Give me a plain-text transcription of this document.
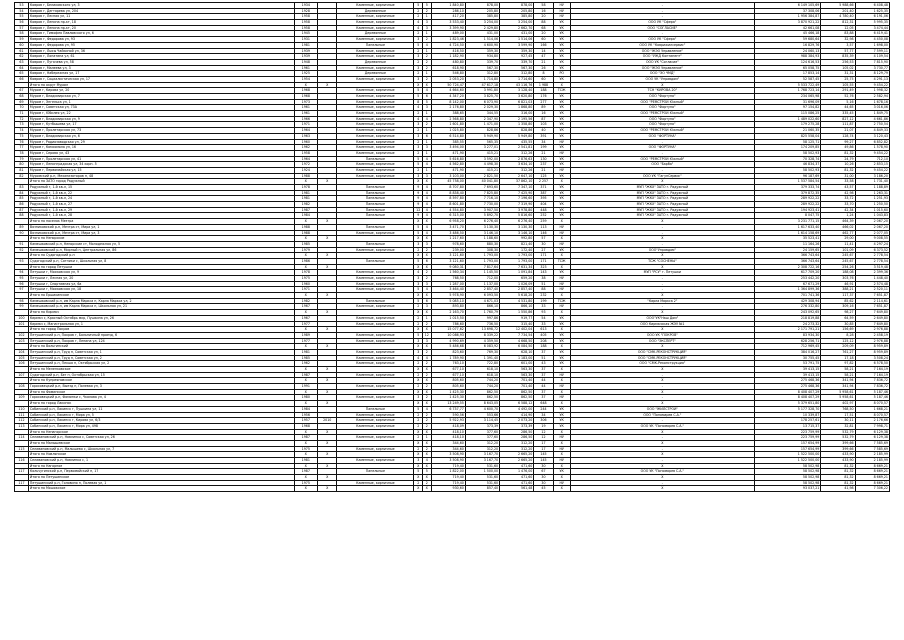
53	Ковров г, Беликовского ул, 3	1934		Каменные, кирпичные	5	5	1 840,80	878,00	878,00	58	НУ	-	6 149 105,69	5 988,66	6 408,48
54	Ковров г, Дегтярева ул, 204	1928		Деревянные	2	2	286,10	205,80	205,80	16	НУ	-	37 308,06	201,40	1 625,35
55	Ковров г, Лесная ул, 11	1958		Каменные, кирпичные	2	1	417,20	385,80	385,80	20	НУ	-	1 956 384,87	4 780,40	6 191,06
56	Ковров г, Ленина пр-кт, 18	1958		Каменные, кирпичные	4	3	3 533,40	3 254,00	3 254,00	88	УК	ООО УК "Сфера"	3 870 921,22	812,31	5 995,35
57	Ковров г, Ленина пр-кт, 20	1958		Каменные, кирпичные	4	3	3 399,90	2 429,80	2 662,70	68	УК	ООО "СОГЛАСИЕ"	42 661,08	12,05	3 474,44
58	Ковров г, Тимофея Павловского ул, 6	1945		Деревянные	2	1	489,00	431,00	431,00	20	УК	-	45 466,18	83,88	6 419,41
59	Ковров г, Федорова ул, 93	1931		Каменные, кирпичные	3	2	1 823,46	1 514,06	1 514,06	60	УК	ООО УК "Сфера"	59 680,64	32,98	4 450,08
60	Ковров г, Федорова ул, 95	1981		Панельные	5	4	4 724,50	4 600,90	3 599,90	166	УК	ООО УК "Коврижилсервис"	16 829,76	3,57	1 698,00
61	Ковров г, Лысы Чайкиной ул, 36	1939		Каменные, кирпичные	2	1	416,50	359,30	359,30	14	УК	ООО "ЖЭО Управление"	24 060,13	57,77	7 599,11
62	Ковров г, Лопатина ул, 61	1939		Каменные, кирпичные	3	2	1 182,90	934,80	927,45	47	УК	ООО "УЖД Континент"	988 384,93	835,39	4 109,54
63	Ковров г, Пугачева ул, 58	1948		Деревянные	2	2	480,80	339,70	339,70	21	УК	ООО УК "Согласие"	124 616,53	256,53	7 815,90
64	Ковров г, Малеева ул, 3	1961		Каменные, кирпичные	3	2	618,90	567,30	567,30	26	УК	ООО "ЖЭО Управление"	65 058,75	105,02	3 730,77
65	Ковров г, Набережная ул, 17	1925		Деревянные	2	1	546,80	312,80	312,80	8	РО	ООО "ЭО ЧМД"	17 853,14	31,31	8 129,79
66	Ковров г, Социалистическая ул, 17	1954		Каменные, кирпичные	3	2	2 053,20	1 714,80	1 714,60	60	УК	ООО УК "Управдом"	52 587,45	25,75	4 291,13
	Итого по округ Муром	X	X		X	X	50 724,47	47 617,18	43 116,76	1 988	X	X	5 533 722,49	105,55	9 454,22
67	Муром г, Кирова ул, 20	1968		Каменные, кирпичные	5	4	4 664,60	3 991,80	3 128,40	188	ТСЖ	ТСН "КИРОВА 20"	1 768 723,14	291,49	1 998,32
68	Муром г, Владимирская ул, 7	1968		Каменные, кирпичные	5	6	4 347,20	3 825,70	3 620,80	176	УК	ООО "Фортуна"	234 065,98	52,76	2 582,94
69	Муром г, Энгельса ул, 1	1973		Каменные, кирпичные	8	5	8 142,00	6 073,90	6 821,03	277	УК	ООО "РЕМСТРОЙ Южный"	31 696,09	5,16	1 678,16
70	Муром г, Советская ул, 73А	1961		Каменные, кирпичные	4	3	2 176,80	2 029,30	1 868,80	89	УК	ООО "Фортуна"	97 154,82	44,65	3 016,06
71	Муром г, Юбилея ул, 22	1961		Каменные, кирпичные	2	1	388,65	344,55	316,00	16	УК	ООО "РЕМСТРОЙ Южный"	115 086,25	335,45	1 849,75
72	Муром г, Владимирская ул, 9	1966		Каменные, кирпичные	4	4	2 568,80	2 347,90	2 195,56	87	УК	ООО "Фортуна"	1 489 022,60	827,12	4 661,86
73	Муром г, Кутбышева ул, 17	1971		Каменные, кирпичные	3	2	1 601,80	1 471,00	1 358,80	103	УК	ООО "Фортуна"	179 275,28	111,87	2 750,54
74	Муром г, Пролетарская ул, 73	1964		Каменные, кирпичные	2	1	1 025,80	828,86	828,86	40	УК	ООО "РЕМСТРОЙ Южный"	21 060,35	21,07	4 849,33
75	Муром г, Владимирская ул, 6	1963		Каменные, кирпичные	3	6	6 514,80	5 949,90	5 949,80	391	УК	ООО "ФОРТУНА"	825 558,04	128,74	3 120,43
76	Муром г, Радиозаводская ул, 29	1960		Каменные, кирпичные	2	1	385,55	565,35	435,55	34	НУ	-	58 125,71	99,27	6 852,82
77	Муром г, Комсомола ул, 16	1962		Каменные, кирпичные	3	3	3 494,00	3 277,01	2 541,81	199	УК	ООО "ФОРТУНА"	174 209,85	49,86	1 578,90
78	Муром г, Серова ул, 43	1958		Каменные, кирпичные	2	1	471,90	415,21	312,26	21	НУ	-	58 502,93	81,32	9 454,22
79	Муром г, Пролетарская ул, 41	1964		Панельные	5	4	5 616,80	3 592,00	2 876,63	130	УК	ООО "РЕМСТРОЙ Южный"	70 328,74	24,79	712,10
80	Муром г, Ленинградская ул, 34 корп. 5	1972		Каменные, кирпичные	5	4	4 562,80	4 498,30	3 634,10	237	УК	ООО "Барба"	46 834,37	10,26	2 853,15
81	Муром г, Первомайская ул, 15	1924		Каменные, кирпичные	2	1	471,90	415,21	312,26	21	НУ	-	58 502,93	81,32	9 454,22
82	Муромский р-н, Механизаторов п, 48	1988		Каменные, кирпичные	3	3	3 103,00	2 821,50	2 647,10	125	УК	ООО УК "ГагунСервис"	96 187,69	31,00	3 186,20
	Итого по ЗАТО город Радужный	X	X		X	X	45 758,00	40 041,80	37 862,10	2 257	X	X	1 537 584,54	33,58	1 731,40
83	Радужный г, 1-й кв-л, 15	1978		Панельные	9	4	8 707,80	7 693,60	7 347,10	371	УК	МУП "ЖКХ" ЗАТО г. Радужный	379 333,74	43,57	1 188,89
84	Радужный г, 1-й кв-л, 22	1981		Панельные	9	4	8 838,40	7 825,80	7 425,90	387	УК	МУП "ЖКХ" ЗАТО г. Радужный	379 872,35	42,98	1 263,31
85	Радужный г, 1-й кв-л, 24	1981		Панельные	9	4	8 597,80	7 716,10	7 196,60	395	УК	МУП "ЖКХ" ЗАТО г. Радужный	289 922,22	33,72	1 251,93
86	Радужный г, 1-й кв-л, 27	1982		Панельные	9	4	8 601,80	7 730,00	7 319,90	404	УК	МУП "ЖКХ" ЗАТО г. Радужный	289 922,22	33,70	1 250,50
87	Радужный г, 1-й кв-л, 29	1987		Панельные	12	4	4 554,80	3 907,50	3 978,80	448	УК	МУП "ЖКХ" ЗАТО г. Радужный	194 923,41	42,34	1 015,60
88	Радужный г, 1-й кв-л, 28	1984		Панельные	9	4	6 315,00	5 892,70	5 816,60	252	УК	МУП "ЖКХ" ЗАТО г. Радужный	8 047,75	1,24	1 043,83
	Итого по поселок Мезтра	X	X		X	X	6 958,20	6 276,40	6 276,40	259	X	X	3 231 771,15	464,39	2 067,20
89	Вязниковский р-н, Мезтра ст, Мира ул, 1	1988		Панельные	5	4	3 471,70	3 130,30	3 130,30	113	НУ	-	1 617 633,40	466,02	2 067,20
90	Вязниковский р-н, Мезтра ст, Мира ул, 3	1988		Каменные, кирпичные	5	4	3 486,50	3 146,10	3 146,10	146	НУ	-	1 614 158,69	462,77	2 077,05
	Итого по Ненорские	X	X		X	X	1 217,60	1 188,60	992,80	57	X	X	35 523,41	29,00	9 008,55
91	Камешковский р-н, Ненорские ст, Молодежная ул, 5	1985		Панельные	3	3	978,60	880,30	821,40	30	НУ	-	11 164,26	11,41	4 297,24
92	Камешковский р-н, Мирный п, Центральная ул, 86	1979		Каменные, кирпичные	2	2	239,00	308,30	172,40	27	УК	ООО"Управдом"	24 159,65	101,09	6 373,52
	Итого по Судогодский р-н	X	X		X	X	3 121,60	1 793,00	1 793,00	171	X	X	366 743,64	245,67	2 778,54
93	Судогодский р-н, Сотники с, Школьная ул, 8	1986		Панельные	5	6	3 121,60	1 793,00	1 793,00	171	ТСЖ	ТСЖ "СОСНЕНЫ"	366 743,64	245,67	2 778,54
	Итого по город Петушки	X	X		X	X	9 080,31	7 817,64	7 631,34	323	X	X	2 308 722,16	254,26	3 519,48
94	Петушки г, Московская ул, 9	1978		Каменные, кирпичные	4	2	1 560,34	1 145,50	1 091,84	143	УК	МУП "РСУ" г. Петушки	617 709,20	188,08	2 399,36
95	Петушки г, Лесная ул, 20	1975		Каменные, кирпичные	3	2	768,50	712,00	659,20	38	НУ	-	253 442,20	303,76	1 448,40
96	Петушки г, Спортивная ул, 6а	1960		Каменные, кирпичные	3	3	1 287,00	1 137,00	1 026,09	51	НУ	-	67 671,29	46,91	2 574,48
97	Петушки г, Московская ул, 18	1971		Каменные, кирпичные	5	4	3 464,40	2 857,40	2 857,40	88	НУ	-	1 364 899,36	388,21	2 520,11
	Итого по Ершихинское	X	X		X	X	5 978,90	6 093,50	5 618,20	232	X	X	701 741,36	117,37	7 651,87
98	Камешковский р-н, им Карла Маркса п, Карла Маркса ул, 2	1982		Панельные	5	6	5 085,10	4 671,03	4 531,80	199	ТСЖ	"Карла Маркса 2"	429 308,94	85,62	2 114,61
99	Камешковский р-н, им Карла Маркса п, Школьная ул, 21	1967		Каменные, кирпичные	2	3	893,80	866,10	866,10	33	НУ	-	276 332,80	309,16	7 651,87
	Итого по Кирмач	X	X		X	X	2 163,70	1 760,79	1 550,86	93	X	X	243 092,65	98,27	7 649,80
100	Кирмач с, Красный Октябрь мкр, Пушкина ул, 26	1967		Каменные, кирпичные	2	1	1 015,50	997,86	919,77	54	УК	ООО"УК"Наш Дом"	218 819,88	64,59	2 649,80
101	Кирмач с, Магистральная ул, 1	1977		Каменные, кирпичные	2	2	786,60	736,50	315,40	33	УК	ООО Кирмачская ЖЭУ №1	24 273,32	30,85	7 649,80
	Итого по город Покров	X	X		X	X	15 077,62	13 698,72	12 402,04	613	X	X	2 171 791,21	156,69	2 976,88
102	Петушинский р-н, Покров г, Больничный проезд, 6	1989		Каменные, кирпичные	5	12	10 086,93	8 339,22	7 734,54	405	УК	ООО УК "ПОКРОВ"	83 934,30	8,28	2 458,19
103	Петушинский р-н, Покров г, Ленина ул, 124	1977		Каменные, кирпичные	3	3	4 990,69	4 359,50	4 668,50	208	УК	ООО "ЭКСПЕРТ"	628 256,71	125,12	2 976,88
	Итого по Вольгинский	X	X		X	X	5 486,68	6 083,92	6 084,50	188	X	X	712 969,45	209,09	8 959,89
104	Петушинский р-н, Труд п, Советская ул, 1	1981		Каменные, кирпичные	3	2	823,60	769,30	628,10	37	УК	ООО "СМК-РЕКОНСТРУКЦИЯ"	384 016,27	761,27	8 959,89
105	Петушинский р-н, Труд п, Советская ул, 2	1985		Каменные, кирпичные	4	4	1 789,90	1 391,40	1 183,00	51	УК	ООО "СМК-РЕКОНСТРУКЦИЯ"	30 755,45	17,18	3 508,24
106	Петушинский р-н, Пекша п, Октябрьская ул, 2	1962		Каменные, кирпичные	2	2	763,10	722,80	601,00	43	УК	ООО "СМК-Реконструкция"	53 791,75	97,82	6 578,50
	Итого по Меленковское	X	X		X	X	677,10	618,10	563,30	37	X	X	39 413,15	58,21	7 164,19
107	Судогодский р-н, Бег п, Октябрьская ул, 15	1987		Каменные, кирпичные	2	2	677,10	618,10	563,30	37	НУ	-	39 413,15	58,21	7 164,19
	Итого по Купреяновское	X	X		X	X	805,60	744,20	701,40	44	X	X	275 468,36	341,94	7 836,72
108	Гороховецкий р-н, Выезд п, Полевая ул, 3	1991		Каменные, кирпичные	2	2	805,60	744,20	701,40	44	НУ	-	275 468,36	341,94	7 836,72
	Итого по Фоминское	X	X		X	X	1 425,30	862,50	862,50	37	X	X	8 408 407,29	5 958,61	5 187,46
109	Гороховецкий р-н, Фоминки с, Чкалова ул, 4	1980		Каменные, кирпичные	3	2	1 425,30	862,50	862,50	37	НУ	-	8 408 407,29	5 958,61	5 187,46
	Итого по город Лакинск	X	X		X	X	13 249,55	8 643,05	6 588,12	648	X	X	5 379 651,80	402,97	8 070,57
110	Собинский р-н, Лакинск г, Пушкина ул, 11	1984		Панельные	5	4	6 737,77	4 600,70	4 492,00	244	УК	ООО "ЖИЛСТРОЙ"	5 177 328,70	768,50	1 668,21
111	Собинский р-н, Лакинск г, Мира ул, 5	1956		Каменные, кирпичные	2	2	590,56	553,66	414,90	34	УК	ООО "Пономарев С.А."	10 339,87	17,51	8 070,57
112	Собинский р-н, Лакинск г, Кирова ул, 6/3	1957	2010	Каменные, кирпичные	2	2	5 922,93	3 114,45	2 073,20	306	УК	-	178 257,61	30,11	2 176,66
113	Собинский р-н, Лакинск г, Мира ул, 498	1968		Каменные, кирпичные	2	2	418,09	373,39	373,39	19	УК	ООО УК "Пономарев С.А."	13 715,37	32,81	7 998,71
	Итого по Ненагорское	X	X		X	X	418,10	377,60	286,50	12	X	X	223 759,99	532,79	6 129,38
114	Селивановский р-н, Новлинка с, Советская ул, 26	1987		Каменные, кирпичные	2	1	418,10	377,60	286,50	12	НУ	-	223 759,99	532,79	6 129,38
	Итого по Малышевское	X	X		X	X	344,60	312,20	312,20	17	X	X	157 654,99	399,66	7 585,69
115	Селивановский р-н, Малышево с, Школьная ул, 7	1975		Каменные, кирпичные	2	2	344,60	312,20	312,20	17	НУ	-	157 654,99	399,66	7 585,69
	Итого по Новлянское	X	X		X	X	3 508,90	3 167,70	2 665,20	145	X	X	1 522 500,00	433,90	2 185,99
116	Селивановский р-н, Новлинка с, 1	1981		Каменные, кирпичные	3	4	3 508,90	3 167,70	2 665,20	145	НУ	-	1 522 500,00	433,90	2 185,99
	Итого по Нагорное	X	X		X	X	719,40	531,60	471,60	30	X	X	58 502,98	81,32	8 669,21
117	Кольчугинский р-н, Первомайский п, 17	1987		Панельные	5	5	1 822,00	1 500,00	1 476,00	67	УК	ООО УК "Пономарев С.А."	58 502,98	81,32	8 669,21
	Итого по Петушинское	X	X		X	X	719,40	531,60	471,60	30	X	X	58 502,98	81,32	8 669,21
117	Петушинский р-н, Головино п, Полевая ул, 1	1975		Каменные, кирпичные	2	2	719,40	531,60	471,60	30	НУ	-	58 502,98	81,32	8 669,21
	Итого по Мошокское	X	X		X	X	930,60	857,40	561,48	45	X	X	93 037,21	41,98	7 306,22
